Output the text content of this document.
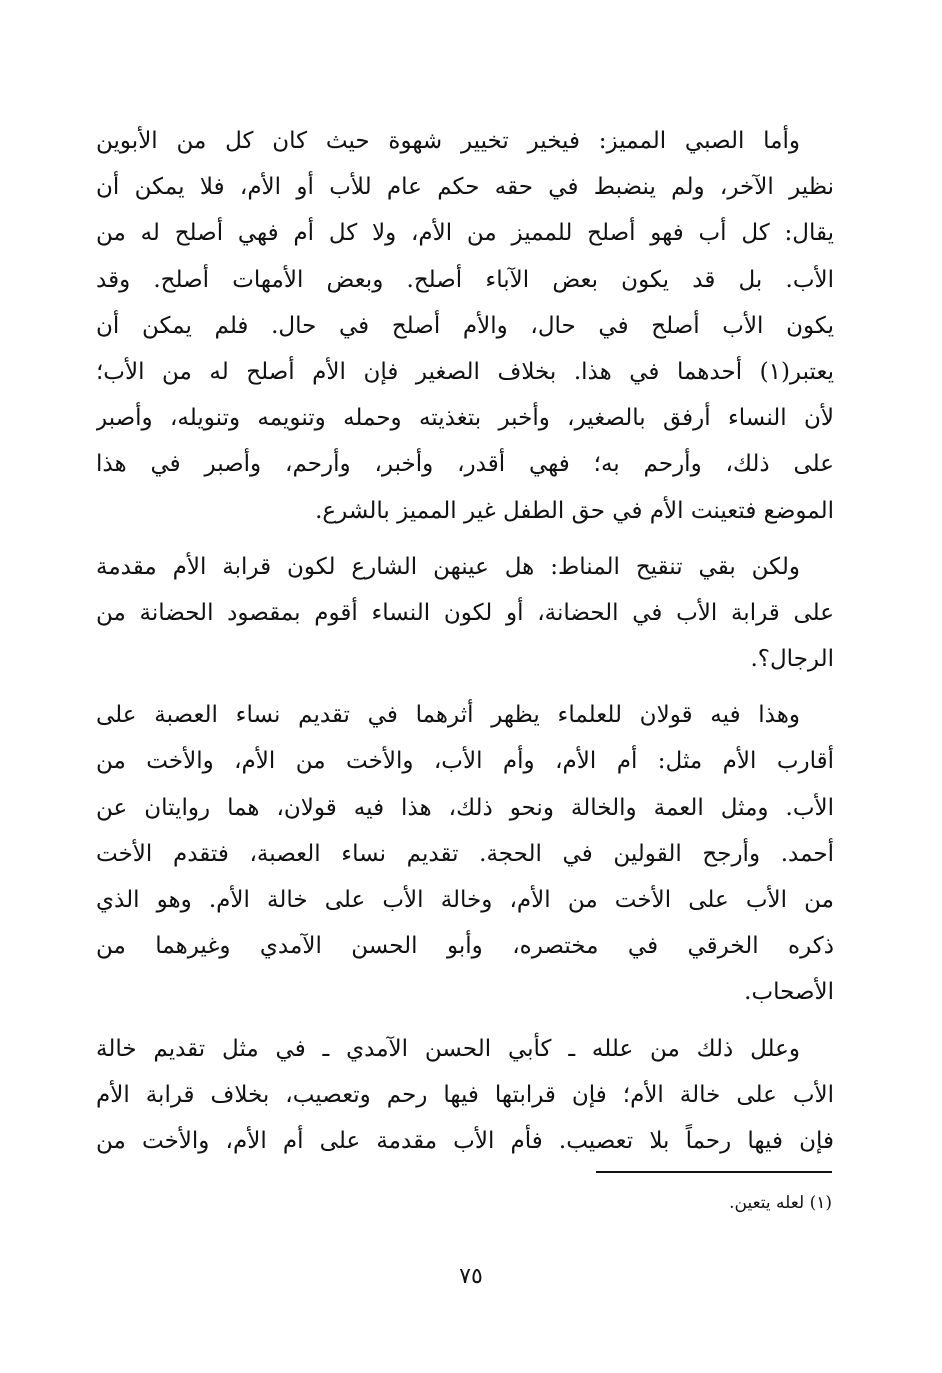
وأما الصبي المميز: فيخير تخيير شهوة حيث كان كل من الأبوين
نظير الآخر، ولم ينضبط في حقه حكم عام للأب أو الأم، فلا يمكن أن
يقال: كل أب فهو أصلح للمميز من الأم، ولا كل أم فهي أصلح له من
الأب. بل قد يكون بعض الآباء أصلح. وبعض الأمهات أصلح. وقد
يكون الأب أصلح في حال، والأم أصلح في حال. فلم يمكن أن
يعتبر(١) أحدهما في هذا. بخلاف الصغير فإن الأم أصلح له من الأب؛
لأن النساء أرفق بالصغير، وأخبر بتغذيته وحمله وتنويمه وتنويله، وأصبر
على ذلك، وأرحم به؛ فهي أقدر، وأخبر، وأرحم، وأصبر في هذا
الموضع فتعينت الأم في حق الطفل غير المميز بالشرع.
ولكن بقي تنقيح المناط: هل عينهن الشارع لكون قرابة الأم مقدمة
على قرابة الأب في الحضانة، أو لكون النساء أقوم بمقصود الحضانة من
الرجال؟.
وهذا فيه قولان للعلماء يظهر أثرهما في تقديم نساء العصبة على
أقارب الأم مثل: أم الأم، وأم الأب، والأخت من الأم، والأخت من
الأب. ومثل العمة والخالة ونحو ذلك، هذا فيه قولان، هما روايتان عن
أحمد. وأرجح القولين في الحجة. تقديم نساء العصبة، فتقدم الأخت
من الأب على الأخت من الأم، وخالة الأب على خالة الأم. وهو الذي
ذكره الخرقي في مختصره، وأبو الحسن الآمدي وغيرهما من
الأصحاب.
وعلل ذلك من علله ـ كأبي الحسن الآمدي ـ في مثل تقديم خالة
الأب على خالة الأم؛ فإن قرابتها فيها رحم وتعصيب، بخلاف قرابة الأم
فإن فيها رحماً بلا تعصيب. فأم الأب مقدمة على أم الأم، والأخت من
(١) لعله يتعين.
٧٥
